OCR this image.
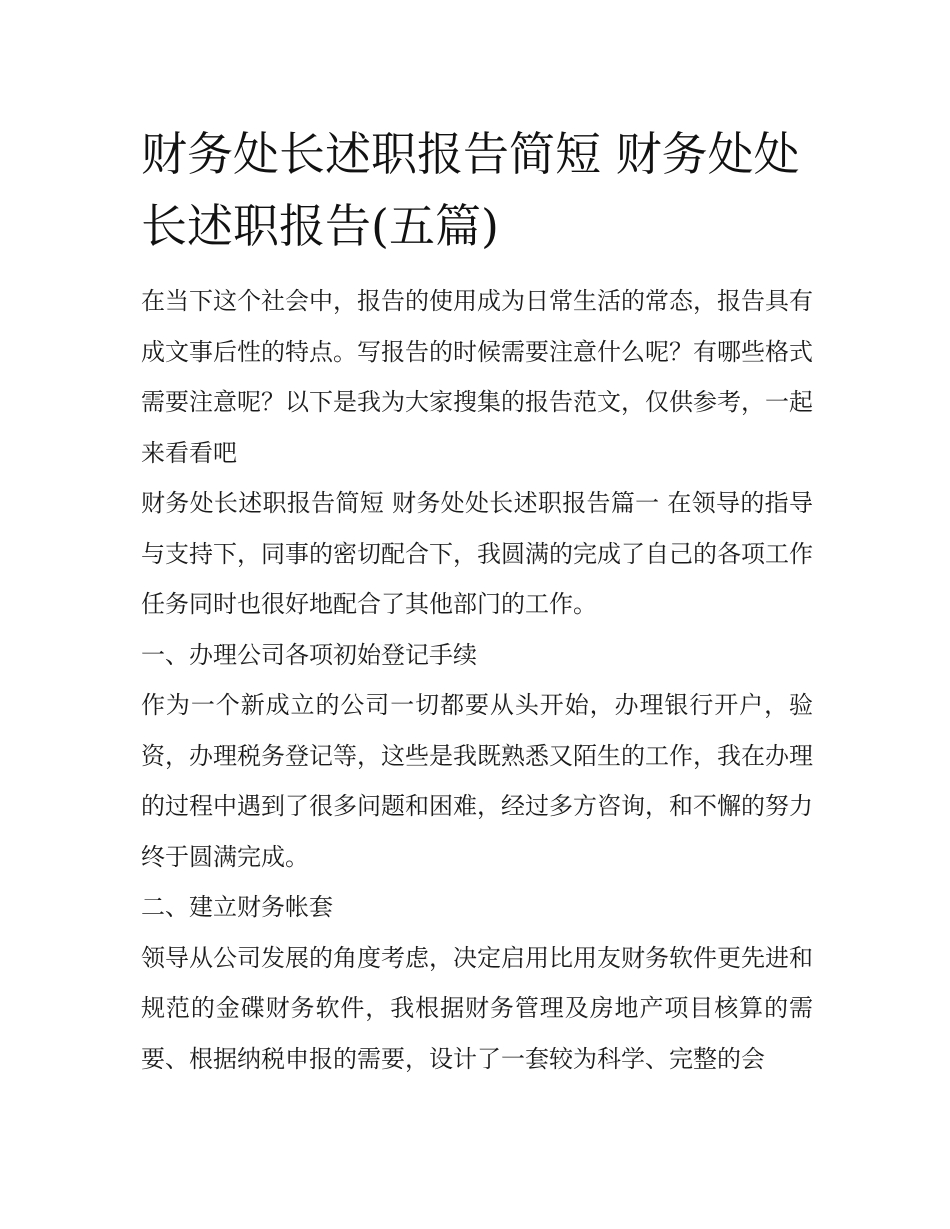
财务处长述职报告简短 财务处处长述职报告(五篇)

在当下这个社会中，报告的使用成为日常生活的常态，报告具有成文事后性的特点。写报告的时候需要注意什么呢？有哪些格式需要注意呢？以下是我为大家搜集的报告范文，仅供参考，一起来看看吧

财务处长述职报告简短 财务处处长述职报告篇一 在领导的指导与支持下，同事的密切配合下，我圆满的完成了自己的各项工作任务同时也很好地配合了其他部门的工作。

一、办理公司各项初始登记手续

作为一个新成立的公司一切都要从头开始，办理银行开户，验资，办理税务登记等，这些是我既熟悉又陌生的工作，我在办理的过程中遇到了很多问题和困难，经过多方咨询，和不懈的努力终于圆满完成。

二、建立财务帐套

领导从公司发展的角度考虑，决定启用比用友财务软件更先进和规范的金碟财务软件，我根据财务管理及房地产项目核算的需要、根据纳税申报的需要，设计了一套较为科学、完整的会
